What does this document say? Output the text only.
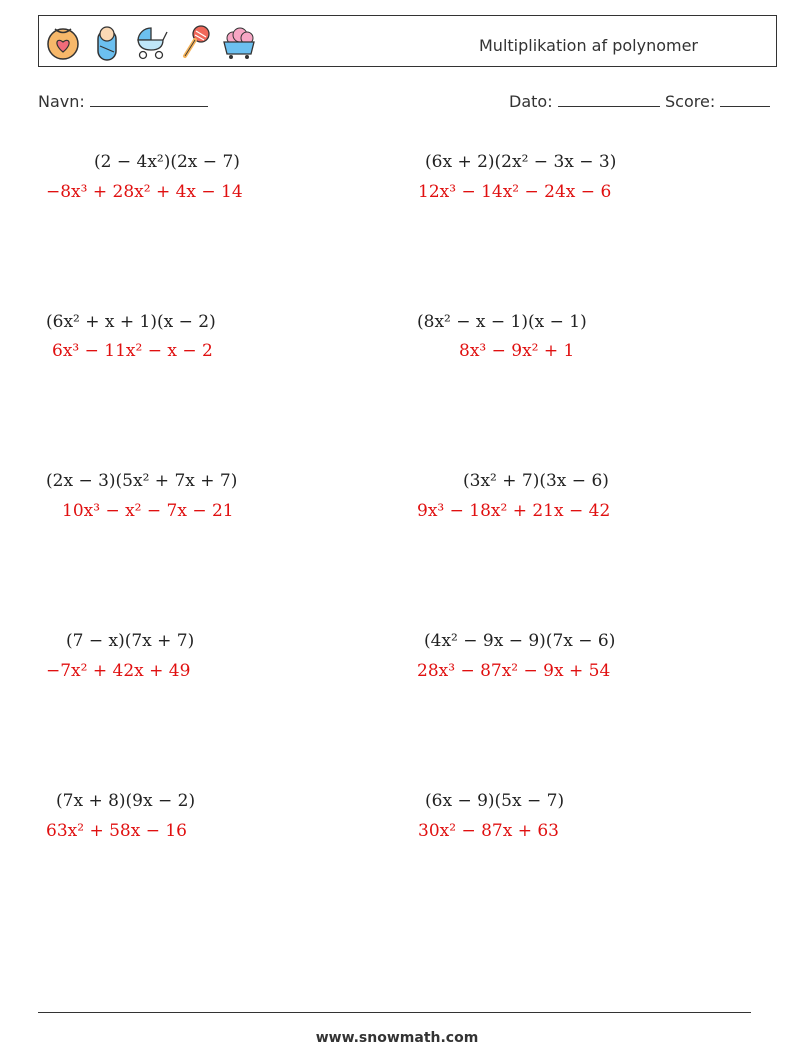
Multiplikation af polynomer
Navn:	Dato:	Score:
(2 − 4x²)(2x − 7)
−8x³ + 28x² + 4x − 14
(6x + 2)(2x² − 3x − 3)
12x³ − 14x² − 24x − 6
(6x² + x + 1)(x − 2)
6x³ − 11x² − x − 2
(8x² − x − 1)(x − 1)
8x³ − 9x² + 1
(2x − 3)(5x² + 7x + 7)
10x³ − x² − 7x − 21
(3x² + 7)(3x − 6)
9x³ − 18x² + 21x − 42
(7 − x)(7x + 7)
−7x² + 42x + 49
(4x² − 9x − 9)(7x − 6)
28x³ − 87x² − 9x + 54
(7x + 8)(9x − 2)
63x² + 58x − 16
(6x − 9)(5x − 7)
30x² − 87x + 63
www.snowmath.com
